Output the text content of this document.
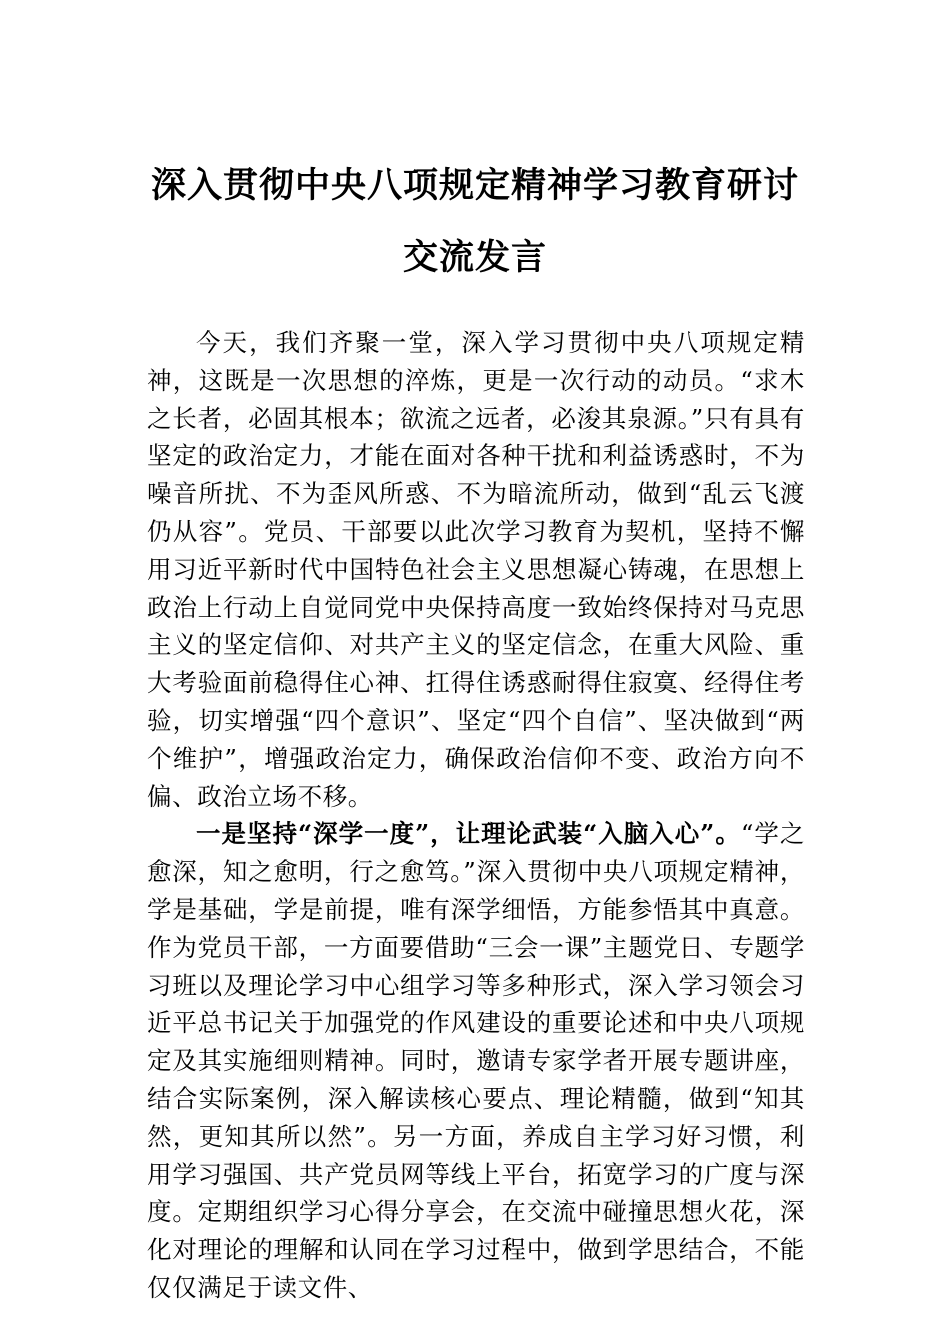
深入贯彻中央八项规定精神学习教育研讨
交流发言

今天，我们齐聚一堂，深入学习贯彻中央八项规定精神，这既是一次思想的淬炼，更是一次行动的动员。“求木之长者，必固其根本；欲流之远者，必浚其泉源。”只有具有坚定的政治定力，才能在面对各种干扰和利益诱惑时，不为噪音所扰、不为歪风所惑、不为暗流所动，做到“乱云飞渡仍从容”。党员、干部要以此次学习教育为契机，坚持不懈用习近平新时代中国特色社会主义思想凝心铸魂，在思想上政治上行动上自觉同党中央保持高度一致始终保持对马克思主义的坚定信仰、对共产主义的坚定信念，在重大风险、重大考验面前稳得住心神、扛得住诱惑耐得住寂寞、经得住考验，切实增强“四个意识”、坚定“四个自信”、坚决做到“两个维护”，增强政治定力，确保政治信仰不变、政治方向不偏、政治立场不移。

一是坚持“深学一度”，让理论武装“入脑入心”。“学之愈深，知之愈明，行之愈笃。”深入贯彻中央八项规定精神，学是基础，学是前提，唯有深学细悟，方能参悟其中真意。作为党员干部，一方面要借助“三会一课”主题党日、专题学习班以及理论学习中心组学习等多种形式，深入学习领会习近平总书记关于加强党的作风建设的重要论述和中央八项规定及其实施细则精神。同时，邀请专家学者开展专题讲座，结合实际案例，深入解读核心要点、理论精髓，做到“知其然，更知其所以然”。另一方面，养成自主学习好习惯，利用学习强国、共产党员网等线上平台，拓宽学习的广度与深度。定期组织学习心得分享会，在交流中碰撞思想火花，深化对理论的理解和认同在学习过程中，做到学思结合，不能仅仅满足于读文件、
